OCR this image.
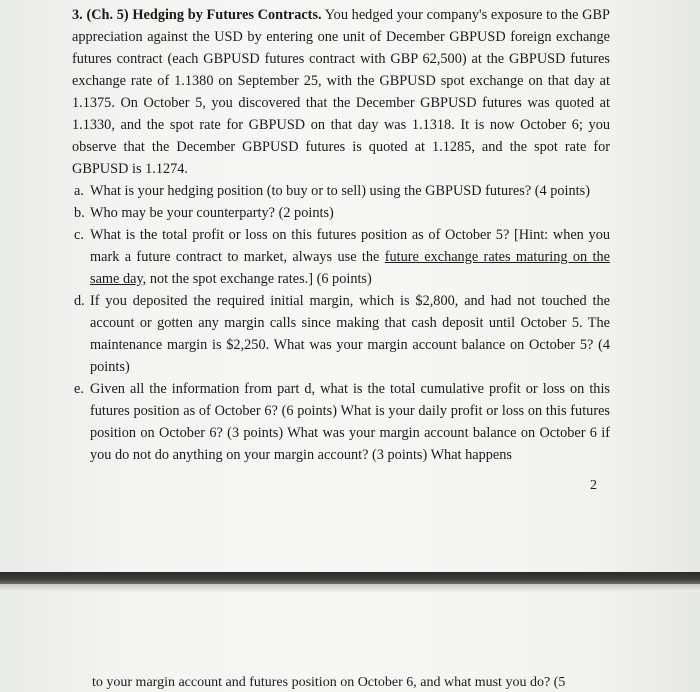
3. (Ch. 5) Hedging by Futures Contracts. You hedged your company's exposure to the GBP appreciation against the USD by entering one unit of December GBPUSD foreign exchange futures contract (each GBPUSD futures contract with GBP 62,500) at the GBPUSD futures exchange rate of 1.1380 on September 25, with the GBPUSD spot exchange on that day at 1.1375. On October 5, you discovered that the December GBPUSD futures was quoted at 1.1330, and the spot rate for GBPUSD on that day was 1.1318. It is now October 6; you observe that the December GBPUSD futures is quoted at 1.1285, and the spot rate for GBPUSD is 1.1274.

a. What is your hedging position (to buy or to sell) using the GBPUSD futures? (4 points)
b. Who may be your counterparty? (2 points)
c. What is the total profit or loss on this futures position as of October 5? [Hint: when you mark a future contract to market, always use the future exchange rates maturing on the same day, not the spot exchange rates.] (6 points)
d. If you deposited the required initial margin, which is $2,800, and had not touched the account or gotten any margin calls since making that cash deposit until October 5. The maintenance margin is $2,250. What was your margin account balance on October 5? (4 points)
e. Given all the information from part d, what is the total cumulative profit or loss on this futures position as of October 6? (6 points) What is your daily profit or loss on this futures position on October 6? (3 points) What was your margin account balance on October 6 if you do not do anything on your margin account? (3 points) What happens
2
to your margin account and futures position on October 6, and what must you do? (5
